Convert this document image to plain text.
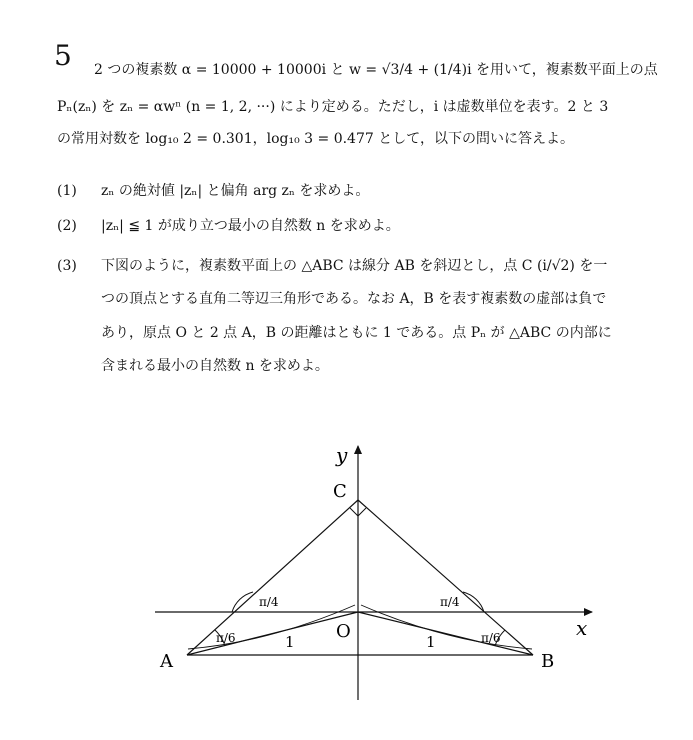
5 2 つの複素数 α = 10000 + 10000i と w = √3/4 + (1/4)i を用いて，複素数平面上の点
Pₙ(zₙ) を zₙ = αwⁿ (n = 1, 2, ···) により定める。ただし，i は虚数単位を表す。2 と 3
の常用対数を log₁₀ 2 = 0.301，log₁₀ 3 = 0.477 として，以下の問いに答えよ。
(1) zₙ の絶対値 |zₙ| と偏角 arg zₙ を求めよ。
(2) |zₙ| ≦ 1 が成り立つ最小の自然数 n を求めよ。
(3) 下図のように，複素数平面上の △ABC は線分 AB を斜辺とし，点 C (i/√2) を一
つの頂点とする直角二等辺三角形である。なお A，B を表す複素数の虚部は負で
あり，原点 O と 2 点 A，B の距離はともに 1 である。点 Pₙ が △ABC の内部に
含まれる最小の自然数 n を求めよ。
y
x
C
O
A	B
1	1
π/4	π/4
π/6	π/6
